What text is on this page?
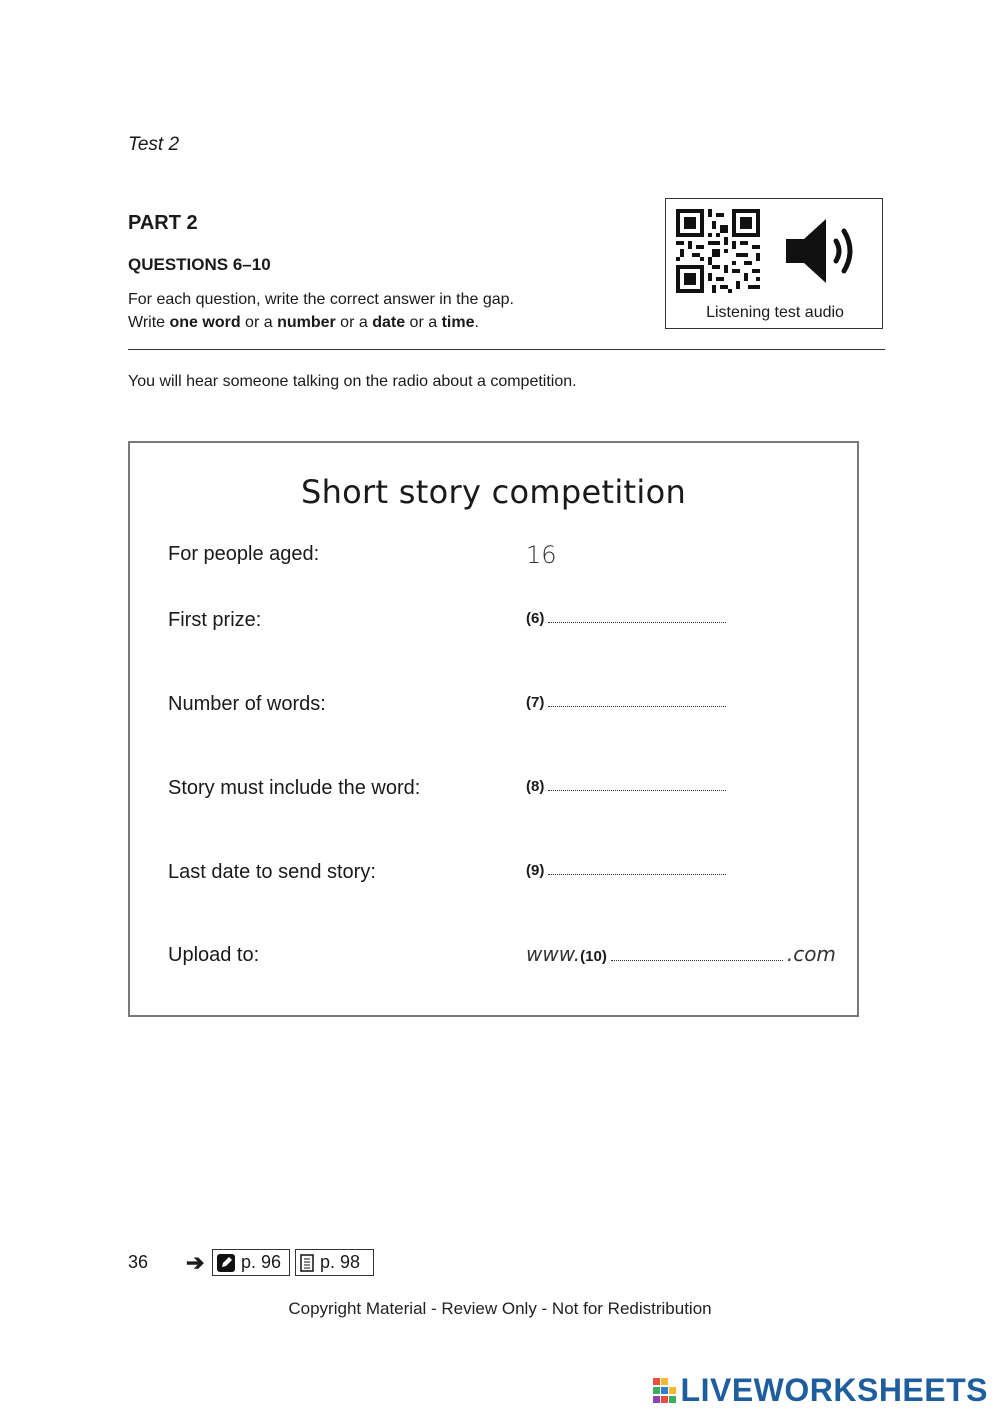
Test 2
PART 2
QUESTIONS 6–10
For each question, write the correct answer in the gap.
Write one word or a number or a date or a time.
Listening test audio
You will hear someone talking on the radio about a competition.
Short story competition
For people aged:	16
First prize:	(6)
Number of words:	(7)
Story must include the word:	(8)
Last date to send story:	(9)
Upload to:	www.(10)	.com
36 ➔ p. 96 p. 98
Copyright Material - Review Only - Not for Redistribution
LIVEWORKSHEETS
